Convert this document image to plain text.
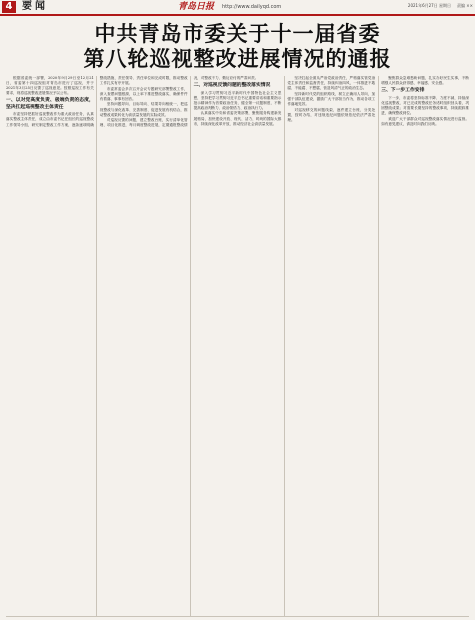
4 要闻	青岛日报 http://www.dailyqd.com	2021年6月27日 星期日 责编 ××
中共青岛市委关于十一届省委
第八轮巡视整改进展情况的通报

根据省委统一部署，2020年9月29日至12月21日，省委第十四巡视组对青岛市进行了巡视，并于2021年3月25日反馈了巡视意见。按照巡视工作有关要求，现将巡视整改进展情况予以公布。

一、以对党高度负责、极端负责的态度，坚决扛起巡视整改主体责任

市委坚持把抓好巡视整改作为重大政治任务，认真落实整改主体责任，成立由市委书记任组长的巡视整改工作领导小组，研究制定整改工作方案，逐条逐项明确整改措施、责任领导、责任单位和完成时限，推动整改工作扎实有序开展。

市委常委会多次召开会议专题研究部署整改工作，深入查摆问题根源，以上率下推进整改落实，确保件件有着落、事事有回音。

坚持问题导向、目标导向、结果导向相统一，把巡视整改与深化改革、完善制度、促进发展有机结合，推动整改成果转化为高质量发展的实际成效。

对巡视反馈的问题，建立整改台账，实行清单化管理、项目化推进，每月调度整改进展，定期通报整改情况，对整改不力、敷衍应付的严肃问责。

二、对巡视反馈问题的整改落实情况

深入学习贯彻习近平新时代中国特色社会主义思想，坚持把学习贯彻习近平总书记重要讲话和重要指示批示精神作为首要政治任务，健全第一议题制度，不断提高政治判断力、政治领悟力、政治执行力。

认真落实中央和省委决策部署，聚焦服务构建新发展格局，加快建设开放、现代、活力、时尚的国际大都市，持续深化改革开放，推动经济社会高质量发展。

坚决扛起全面从严治党政治责任，严格落实管党治党主体责任和监督责任，持续纠治四风，一体推进不敢腐、不能腐、不想腐，营造风清气正的政治生态。

坚持新时代党的组织路线，树立正确用人导向，加强干部队伍建设，激励广大干部担当作为，推动各项工作落地见效。

对巡视移交的问题线索，逐件建立台账，分类处置，按时办结，对违规违纪问题依规依纪依法严肃处理。

聚焦群众急难愁盼问题，扎实办好民生实事，不断增强人民群众获得感、幸福感、安全感。

三、下一步工作安排

下一步，市委将坚持标准不降、力度不减，持续深化巡视整改，对已完成的整改任务适时组织回头看，巩固整改成果；对需要长期坚持的整改事项，持续跟踪推进，确保整改到位。

欢迎广大干部群众对巡视整改落实情况进行监督。如有意见建议，请及时向我们反映。
